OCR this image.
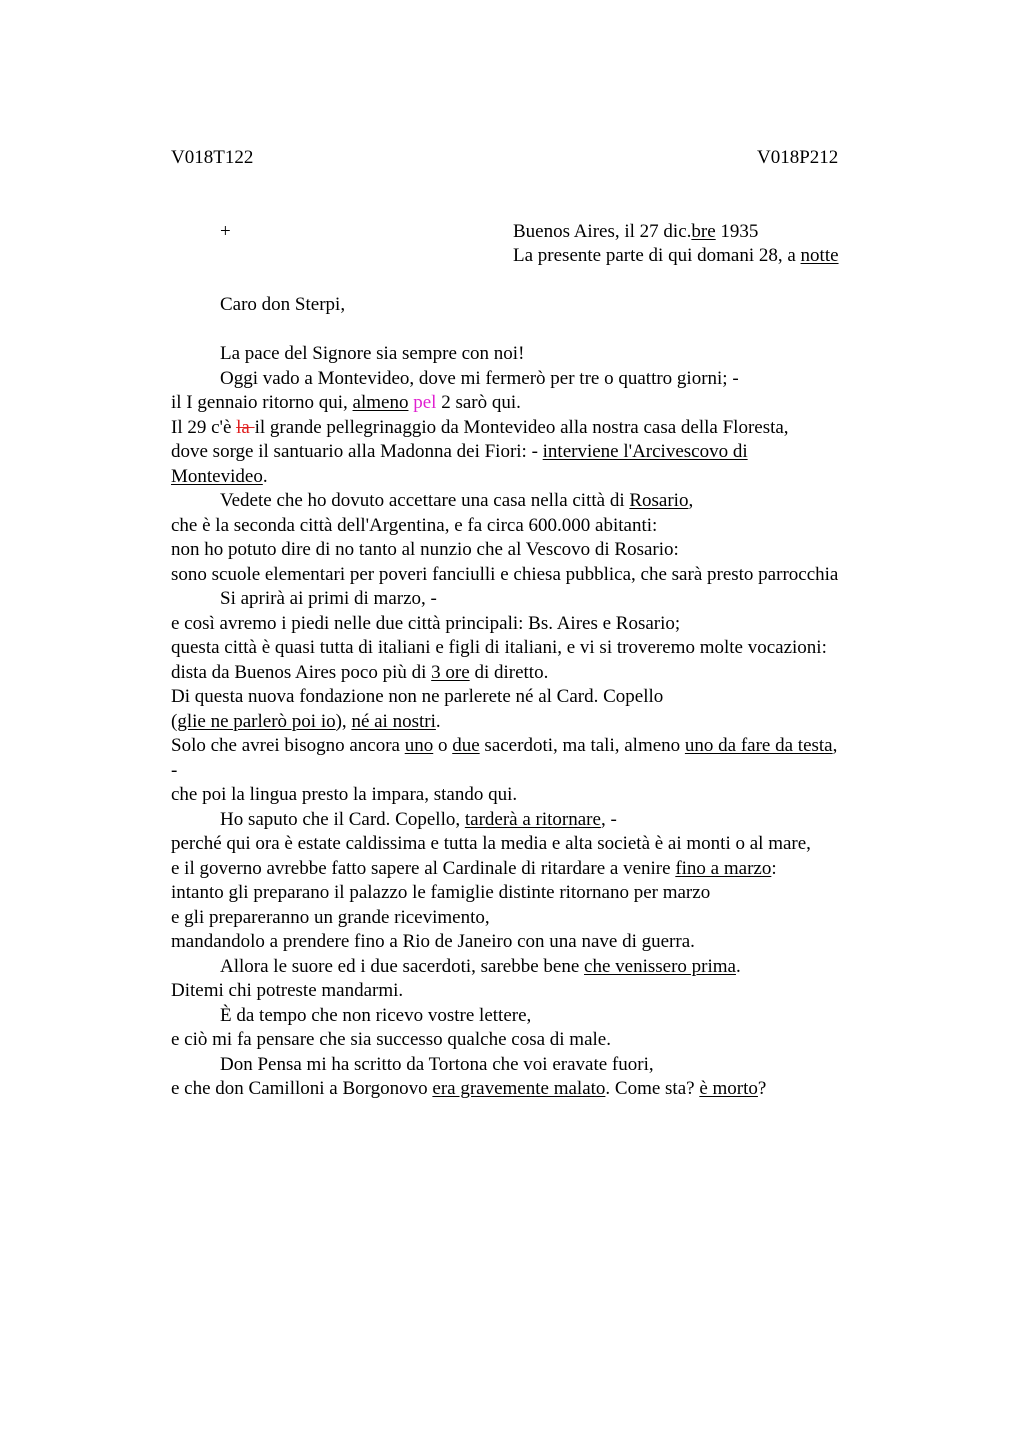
V018T122	V018P212
+	Buenos Aires, il 27 dic.bre 1935
La presente parte di qui domani 28, a notte
Caro don Sterpi,
La pace del Signore sia sempre con noi!
Oggi vado a Montevideo, dove mi fermerò per tre o quattro giorni; -
il I gennaio ritorno qui, almeno pel 2 sarò qui.
Il 29 c'è la il grande pellegrinaggio da Montevideo alla nostra casa della Floresta,
dove sorge il santuario alla Madonna dei Fiori: - interviene l'Arcivescovo di
Montevideo.
Vedete che ho dovuto accettare una casa nella città di Rosario,
che è la seconda città dell'Argentina, e fa circa 600.000 abitanti:
non ho potuto dire di no tanto al nunzio che al Vescovo di Rosario:
sono scuole elementari per poveri fanciulli e chiesa pubblica, che sarà presto parrocchia
Si aprirà ai primi di marzo, -
e così avremo i piedi nelle due città principali: Bs. Aires e Rosario;
questa città è quasi tutta di italiani e figli di italiani, e vi si troveremo molte vocazioni:
dista da Buenos Aires poco più di 3 ore di diretto.
Di questa nuova fondazione non ne parlerete né al Card. Copello
(glie ne parlerò poi io), né ai nostri.
Solo che avrei bisogno ancora uno o due sacerdoti, ma tali, almeno uno da fare da testa,
-
che poi la lingua presto la impara, stando qui.
Ho saputo che il Card. Copello, tarderà a ritornare, -
perché qui ora è estate caldissima e tutta la media e alta società è ai monti o al mare,
e il governo avrebbe fatto sapere al Cardinale di ritardare a venire fino a marzo:
intanto gli preparano il palazzo le famiglie distinte ritornano per marzo
e gli prepareranno un grande ricevimento,
mandandolo a prendere fino a Rio de Janeiro con una nave di guerra.
Allora le suore ed i due sacerdoti, sarebbe bene che venissero prima.
Ditemi chi potreste mandarmi.
È da tempo che non ricevo vostre lettere,
e ciò mi fa pensare che sia successo qualche cosa di male.
Don Pensa mi ha scritto da Tortona che voi eravate fuori,
e che don Camilloni a Borgonovo era gravemente malato. Come sta? è morto?
